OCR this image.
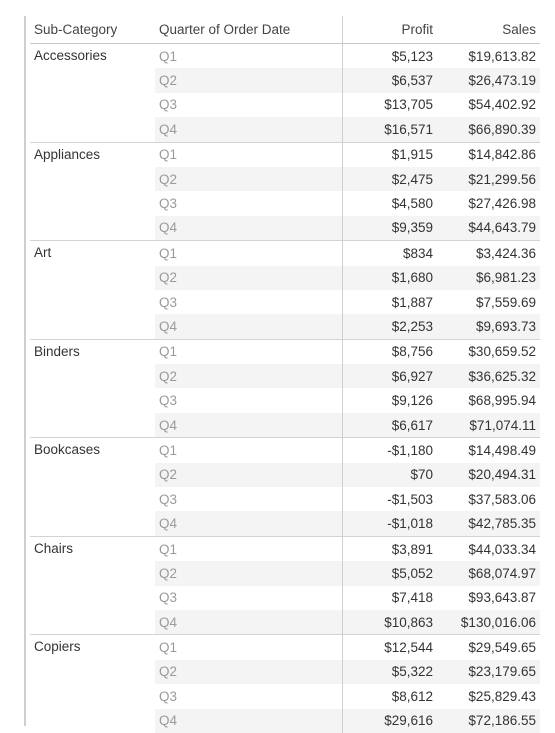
Sub-Category	Quarter of Order Date	Profit	Sales
Accessories	Q1	$5,123	$19,613.82
	Q2	$6,537	$26,473.19
	Q3	$13,705	$54,402.92
	Q4	$16,571	$66,890.39
Appliances	Q1	$1,915	$14,842.86
	Q2	$2,475	$21,299.56
	Q3	$4,580	$27,426.98
	Q4	$9,359	$44,643.79
Art	Q1	$834	$3,424.36
	Q2	$1,680	$6,981.23
	Q3	$1,887	$7,559.69
	Q4	$2,253	$9,693.73
Binders	Q1	$8,756	$30,659.52
	Q2	$6,927	$36,625.32
	Q3	$9,126	$68,995.94
	Q4	$6,617	$71,074.11
Bookcases	Q1	-$1,180	$14,498.49
	Q2	$70	$20,494.31
	Q3	-$1,503	$37,583.06
	Q4	-$1,018	$42,785.35
Chairs	Q1	$3,891	$44,033.34
	Q2	$5,052	$68,074.97
	Q3	$7,418	$93,643.87
	Q4	$10,863	$130,016.06
Copiers	Q1	$12,544	$29,549.65
	Q2	$5,322	$23,179.65
	Q3	$8,612	$25,829.43
	Q4	$29,616	$72,186.55
